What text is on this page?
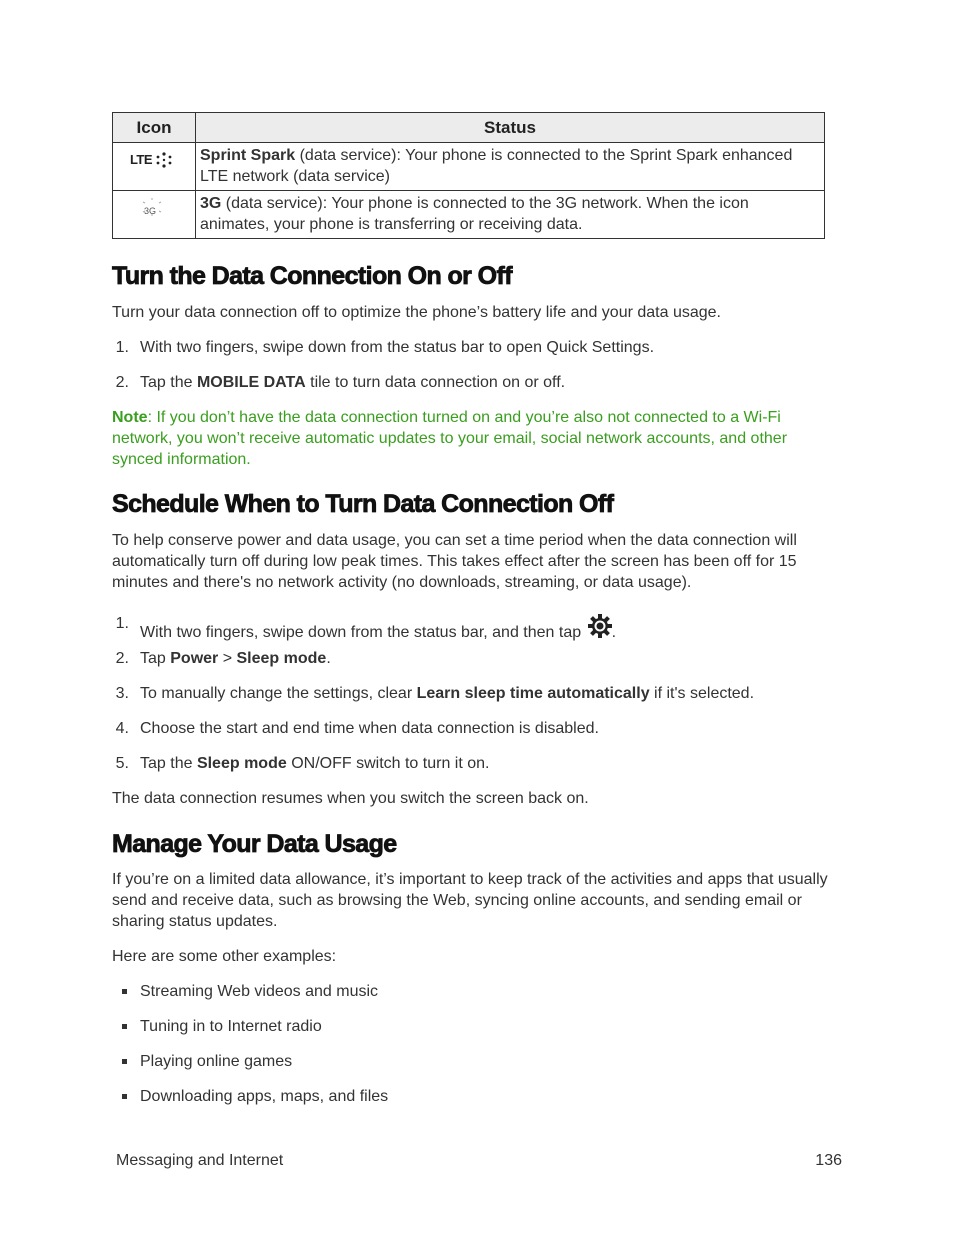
Icon	Status

LTE	Sprint Spark (data service): Your phone is connected to the Sprint Spark enhanced LTE network (data service)

3G	3G (data service): Your phone is connected to the 3G network. When the icon animates, your phone is transferring or receiving data.
Turn the Data Connection On or Off

Turn your data connection off to optimize the phone’s battery life and your data usage.

1. With two fingers, swipe down from the status bar to open Quick Settings.
2. Tap the MOBILE DATA tile to turn data connection on or off.

Note: If you don’t have the data connection turned on and you’re also not connected to a Wi-Fi network, you won’t receive automatic updates to your email, social network accounts, and other synced information.

Schedule When to Turn Data Connection Off

To help conserve power and data usage, you can set a time period when the data connection will automatically turn off during low peak times. This takes effect after the screen has been off for 15 minutes and there's no network activity (no downloads, streaming, or data usage).

1.
With two fingers, swipe down from the status bar, and then tap .
2. Tap Power > Sleep mode.
3. To manually change the settings, clear Learn sleep time automatically if it's selected.
4. Choose the start and end time when data connection is disabled.
5. Tap the Sleep mode ON/OFF switch to turn it on.

The data connection resumes when you switch the screen back on.

Manage Your Data Usage

If you’re on a limited data allowance, it’s important to keep track of the activities and apps that usually send and receive data, such as browsing the Web, syncing online accounts, and sending email or sharing status updates.

Here are some other examples:

Streaming Web videos and music
Tuning in to Internet radio
Playing online games
Downloading apps, maps, and files

Messaging and Internet	136
